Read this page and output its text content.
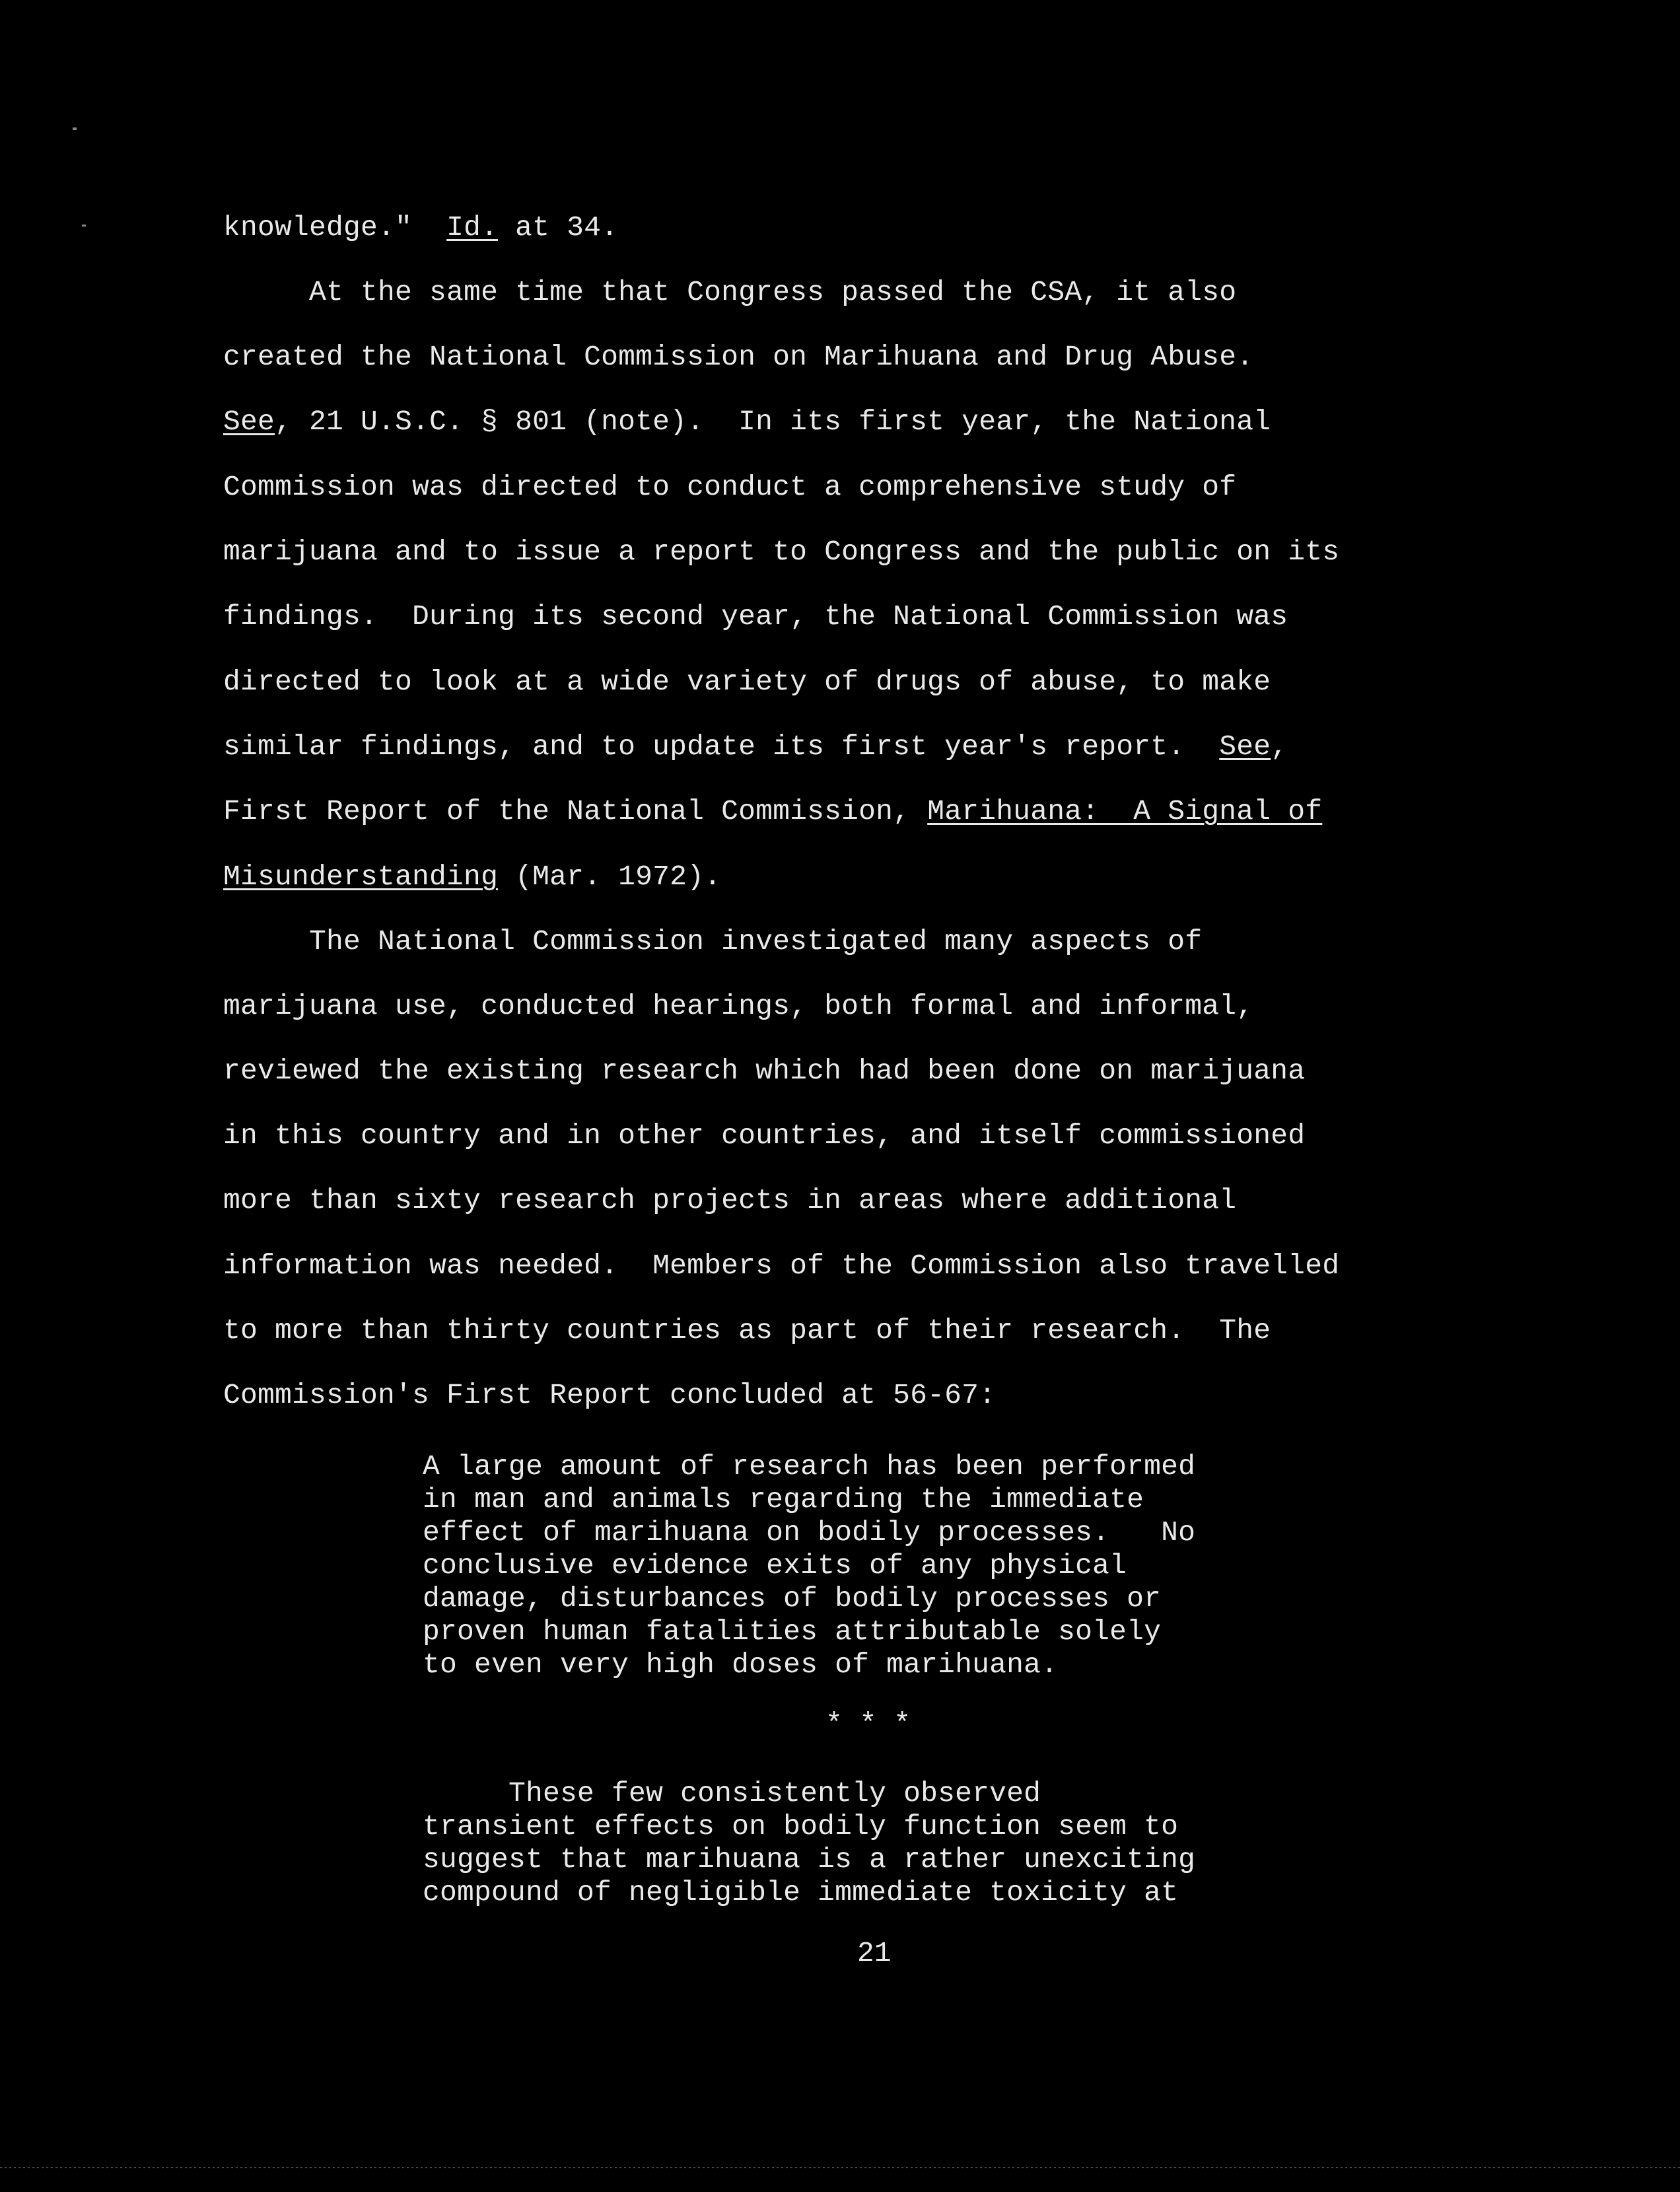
knowledge."  Id. at 34.
At the same time that Congress passed the CSA, it also
created the National Commission on Marihuana and Drug Abuse.
See, 21 U.S.C. § 801 (note).  In its first year, the National
Commission was directed to conduct a comprehensive study of
marijuana and to issue a report to Congress and the public on its
findings.  During its second year, the National Commission was
directed to look at a wide variety of drugs of abuse, to make
similar findings, and to update its first year's report.  See,
First Report of the National Commission, Marihuana:  A Signal of
Misunderstanding (Mar. 1972).
The National Commission investigated many aspects of
marijuana use, conducted hearings, both formal and informal,
reviewed the existing research which had been done on marijuana
in this country and in other countries, and itself commissioned
more than sixty research projects in areas where additional
information was needed.  Members of the Commission also travelled
to more than thirty countries as part of their research.  The
Commission's First Report concluded at 56-67:
A large amount of research has been performed
in man and animals regarding the immediate
effect of marihuana on bodily processes.   No
conclusive evidence exits of any physical
damage, disturbances of bodily processes or
proven human fatalities attributable solely
to even very high doses of marihuana.
* * *
These few consistently observed
transient effects on bodily function seem to
suggest that marihuana is a rather unexciting
compound of negligible immediate toxicity at
21
